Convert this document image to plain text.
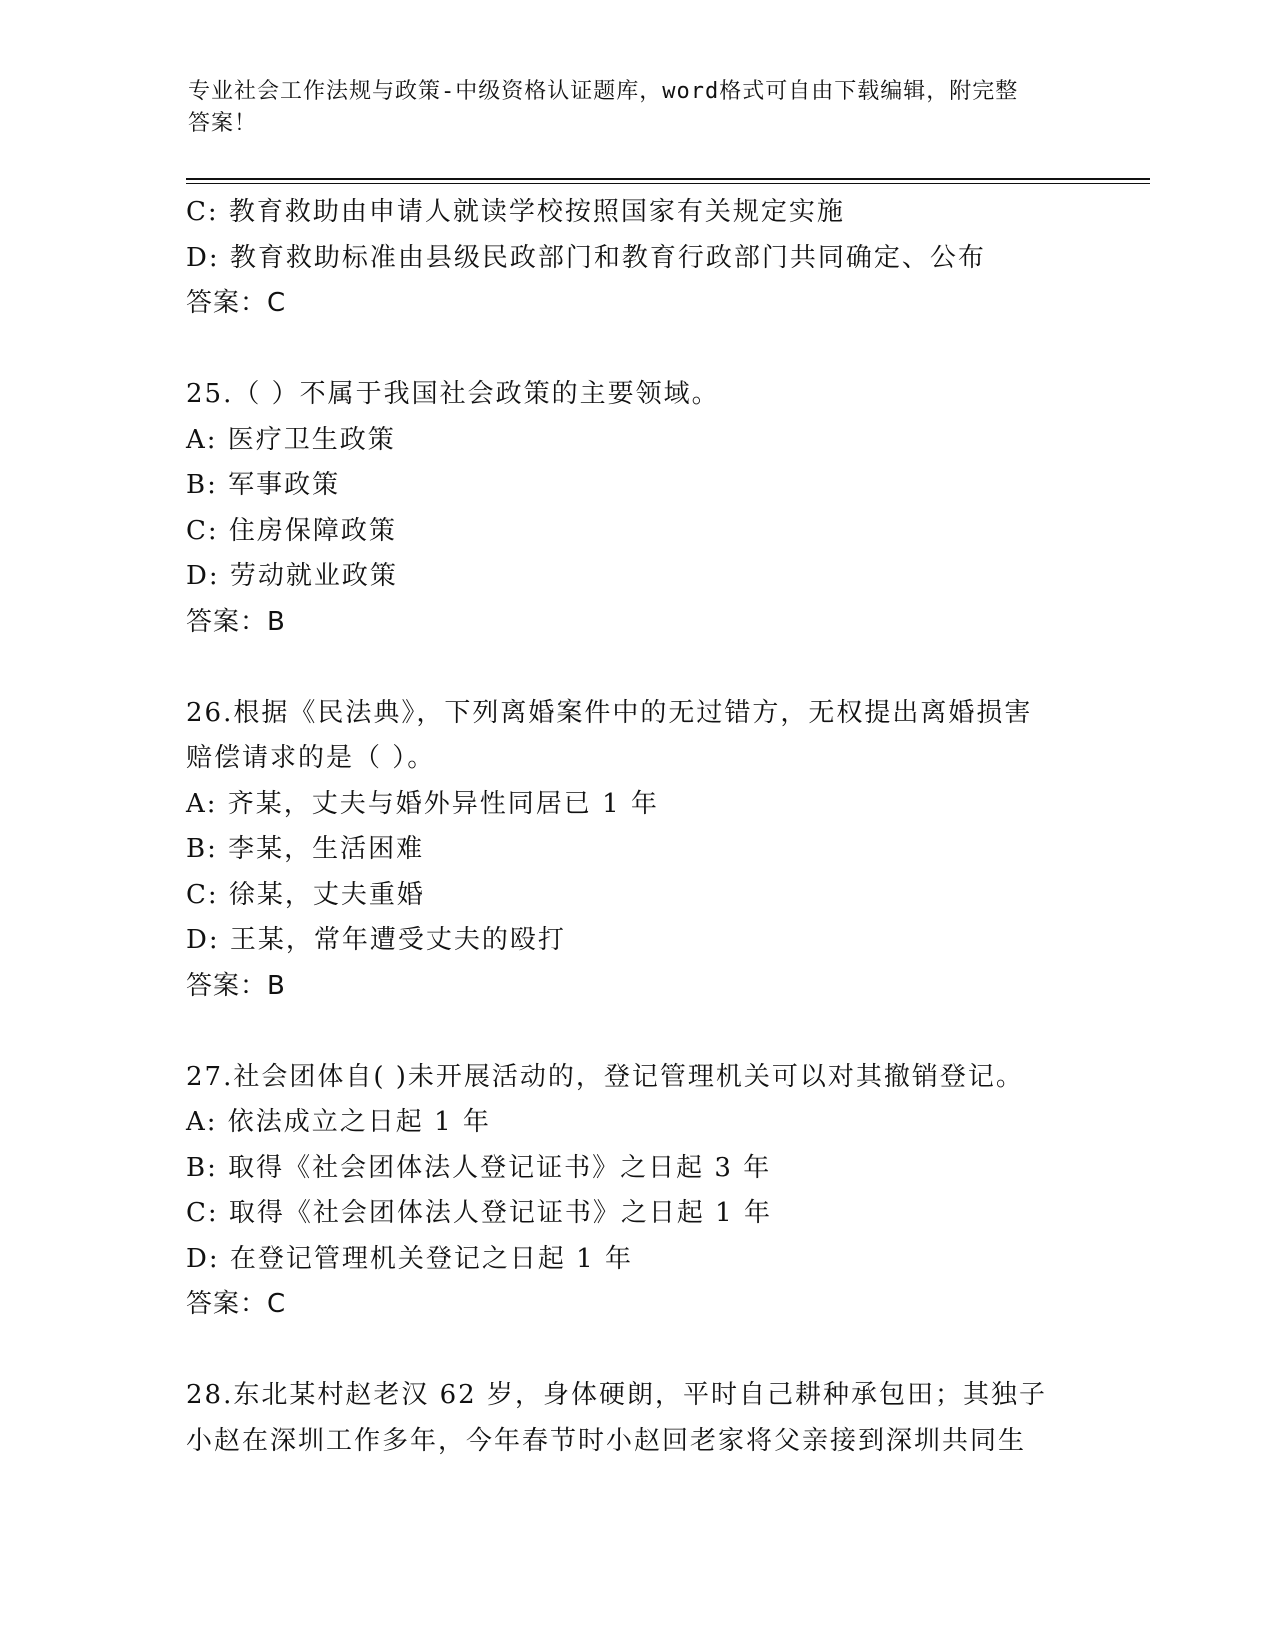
专业社会工作法规与政策-中级资格认证题库，word格式可自由下载编辑，附完整
答案！
C: 教育救助由申请人就读学校按照国家有关规定实施
D: 教育救助标准由县级民政部门和教育行政部门共同确定、公布
答案：C
25.（ ）不属于我国社会政策的主要领域。
A: 医疗卫生政策
B: 军事政策
C: 住房保障政策
D: 劳动就业政策
答案：B
26.根据《民法典》，下列离婚案件中的无过错方，无权提出离婚损害
赔偿请求的是（ ）。
A: 齐某，丈夫与婚外异性同居已 1 年
B: 李某，生活困难
C: 徐某，丈夫重婚
D: 王某，常年遭受丈夫的殴打
答案：B
27.社会团体自( )未开展活动的，登记管理机关可以对其撤销登记。
A: 依法成立之日起 1 年
B: 取得《社会团体法人登记证书》之日起 3 年
C: 取得《社会团体法人登记证书》之日起 1 年
D: 在登记管理机关登记之日起 1 年
答案：C
28.东北某村赵老汉 62 岁，身体硬朗，平时自己耕种承包田；其独子
小赵在深圳工作多年，今年春节时小赵回老家将父亲接到深圳共同生
